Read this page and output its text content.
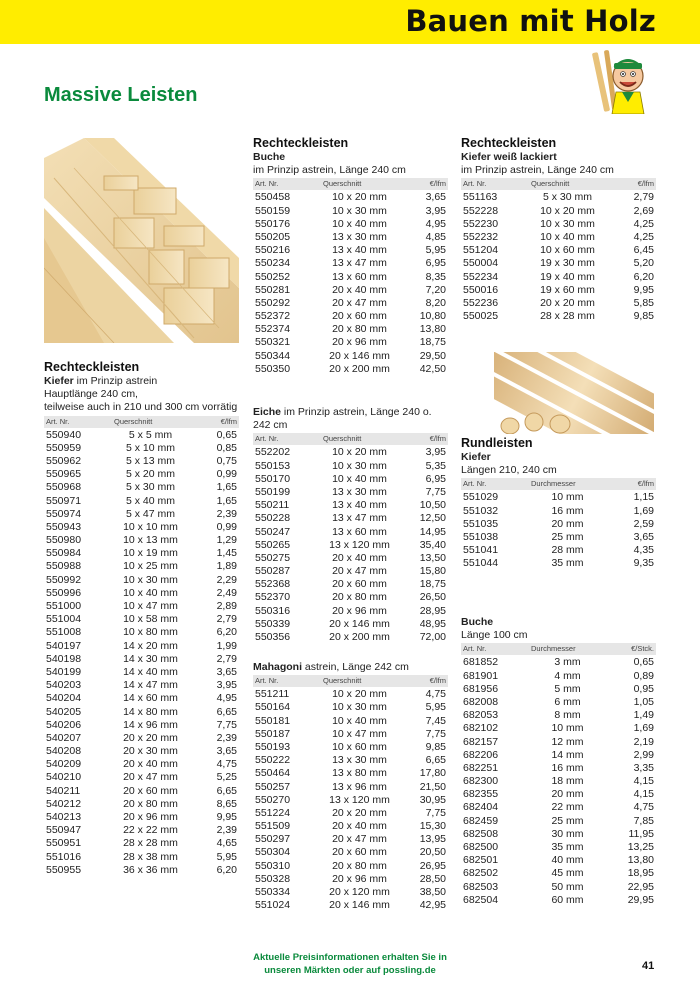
Bauen mit Holz
Massive Leisten
Rechteckleisten
Kiefer im Prinzip astrein
Hauptlänge 240 cm,
teilweise auch in 210 und 300 cm vorrätig
Art. Nr.	Querschnitt	€/lfm
550940	5 x 5 mm	0,65
550959	5 x 10 mm	0,85
550962	5 x 13 mm	0,75
550965	5 x 20 mm	0,99
550968	5 x 30 mm	1,65
550971	5 x 40 mm	1,65
550974	5 x 47 mm	2,39
550943	10 x 10 mm	0,99
550980	10 x 13 mm	1,29
550984	10 x 19 mm	1,45
550988	10 x 25 mm	1,89
550992	10 x 30 mm	2,29
550996	10 x 40 mm	2,49
551000	10 x 47 mm	2,89
551004	10 x 58 mm	2,79
551008	10 x 80 mm	6,20
540197	14 x 20 mm	1,99
540198	14 x 30 mm	2,79
540199	14 x 40 mm	3,65
540203	14 x 47 mm	3,95
540204	14 x 60 mm	4,95
540205	14 x 80 mm	6,65
540206	14 x 96 mm	7,75
540207	20 x 20 mm	2,39
540208	20 x 30 mm	3,65
540209	20 x 40 mm	4,75
540210	20 x 47 mm	5,25
540211	20 x 60 mm	6,65
540212	20 x 80 mm	8,65
540213	20 x 96 mm	9,95
550947	22 x 22 mm	2,39
550951	28 x 28 mm	4,65
551016	28 x 38 mm	5,95
550955	36 x 36 mm	6,20
Rechteckleisten
Buche
im Prinzip astrein, Länge 240 cm
Art. Nr.	Querschnitt	€/lfm
550458	10 x 20 mm	3,65
550159	10 x 30 mm	3,95
550176	10 x 40 mm	4,95
550205	13 x 30 mm	4,85
550216	13 x 40 mm	5,95
550234	13 x 47 mm	6,95
550252	13 x 60 mm	8,35
550281	20 x 40 mm	7,20
550292	20 x 47 mm	8,20
552372	20 x 60 mm	10,80
552374	20 x 80 mm	13,80
550321	20 x 96 mm	18,75
550344	20 x 146 mm	29,50
550350	20 x 200 mm	42,50
Eiche im Prinzip astrein, Länge 240 o. 242 cm
Art. Nr.	Querschnitt	€/lfm
552202	10 x 20 mm	3,95
550153	10 x 30 mm	5,35
550170	10 x 40 mm	6,95
550199	13 x 30 mm	7,75
550211	13 x 40 mm	10,50
550228	13 x 47 mm	12,50
550247	13 x 60 mm	14,95
550265	13 x 120 mm	35,40
550275	20 x 40 mm	13,50
550287	20 x 47 mm	15,80
552368	20 x 60 mm	18,75
552370	20 x 80 mm	26,50
550316	20 x 96 mm	28,95
550339	20 x 146 mm	48,95
550356	20 x 200 mm	72,00
Mahagoni astrein, Länge 242 cm
Art. Nr.	Querschnitt	€/lfm
551211	10 x 20 mm	4,75
550164	10 x 30 mm	5,95
550181	10 x 40 mm	7,45
550187	10 x 47 mm	7,75
550193	10 x 60 mm	9,85
550222	13 x 30 mm	6,65
550464	13 x 80 mm	17,80
550257	13 x 96 mm	21,50
550270	13 x 120 mm	30,95
551224	20 x 20 mm	7,75
551509	20 x 40 mm	15,30
550297	20 x 47 mm	13,95
550304	20 x 60 mm	20,50
550310	20 x 80 mm	26,95
550328	20 x 96 mm	28,50
550334	20 x 120 mm	38,50
551024	20 x 146 mm	42,95
Rechteckleisten
Kiefer weiß lackiert
im Prinzip astrein, Länge 240 cm
Art. Nr.	Querschnitt	€/lfm
551163	5 x 30 mm	2,79
552228	10 x 20 mm	2,69
552230	10 x 30 mm	4,25
552232	10 x 40 mm	4,25
551204	10 x 60 mm	6,45
550004	19 x 30 mm	5,20
552234	19 x 40 mm	6,20
550016	19 x 60 mm	9,95
552236	20 x 20 mm	5,85
550025	28 x 28 mm	9,85
Rundleisten
Kiefer
Längen 210, 240 cm
Art. Nr.	Durchmesser	€/lfm
551029	10 mm	1,15
551032	16 mm	1,69
551035	20 mm	2,59
551038	25 mm	3,65
551041	28 mm	4,35
551044	35 mm	9,35
Buche
Länge 100 cm
Art. Nr.	Durchmesser	€/Stck.
681852	3 mm	0,65
681901	4 mm	0,89
681956	5 mm	0,95
682008	6 mm	1,05
682053	8 mm	1,49
682102	10 mm	1,69
682157	12 mm	2,19
682206	14 mm	2,99
682251	16 mm	3,35
682300	18 mm	4,15
682355	20 mm	4,15
682404	22 mm	4,75
682459	25 mm	7,85
682508	30 mm	11,95
682500	35 mm	13,25
682501	40 mm	13,80
682502	45 mm	18,95
682503	50 mm	22,95
682504	60 mm	29,95
Aktuelle Preisinformationen erhalten Sie in
unseren Märkten oder auf possling.de	41
